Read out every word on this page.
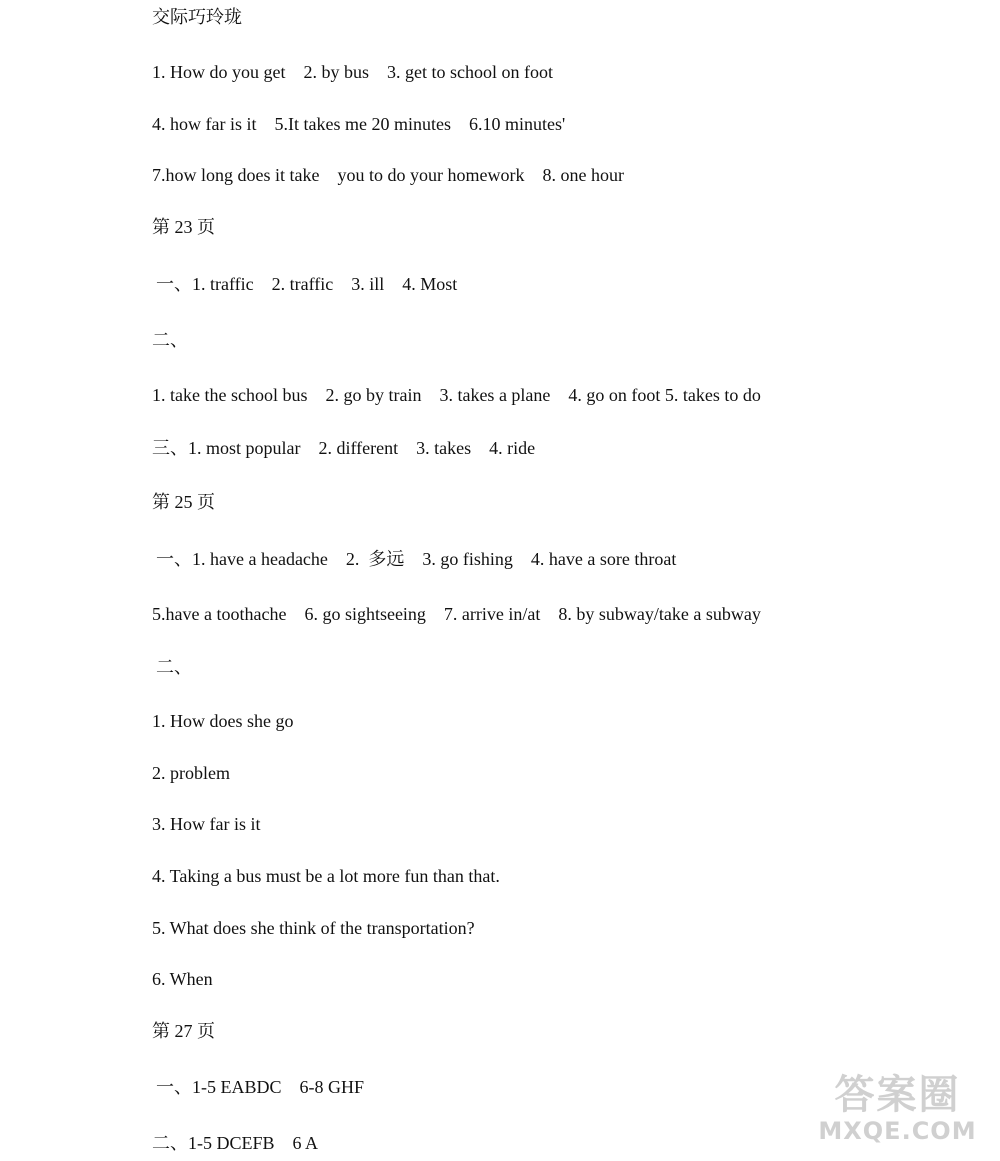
交际巧玲珑
1. How do you get    2. by bus    3. get to school on foot
4. how far is it    5.It takes me 20 minutes    6.10 minutes'
7.how long does it take    you to do your homework    8. one hour
第 23 页
一、1. traffic    2. traffic    3. ill    4. Most
二、
1. take the school bus    2. go by train    3. takes a plane    4. go on foot 5. takes to do
三、1. most popular    2. different    3. takes    4. ride
第 25 页
一、1. have a headache    2.  多远    3. go fishing    4. have a sore throat
5.have a toothache    6. go sightseeing    7. arrive in/at    8. by subway/take a subway
二、
1. How does she go
2. problem
3. How far is it
4. Taking a bus must be a lot more fun than that.
5. What does she think of the transportation?
6. When
第 27 页
一、1-5 EABDC    6-8 GHF
二、1-5 DCEFB    6 A
答案圈
MXQE.COM
